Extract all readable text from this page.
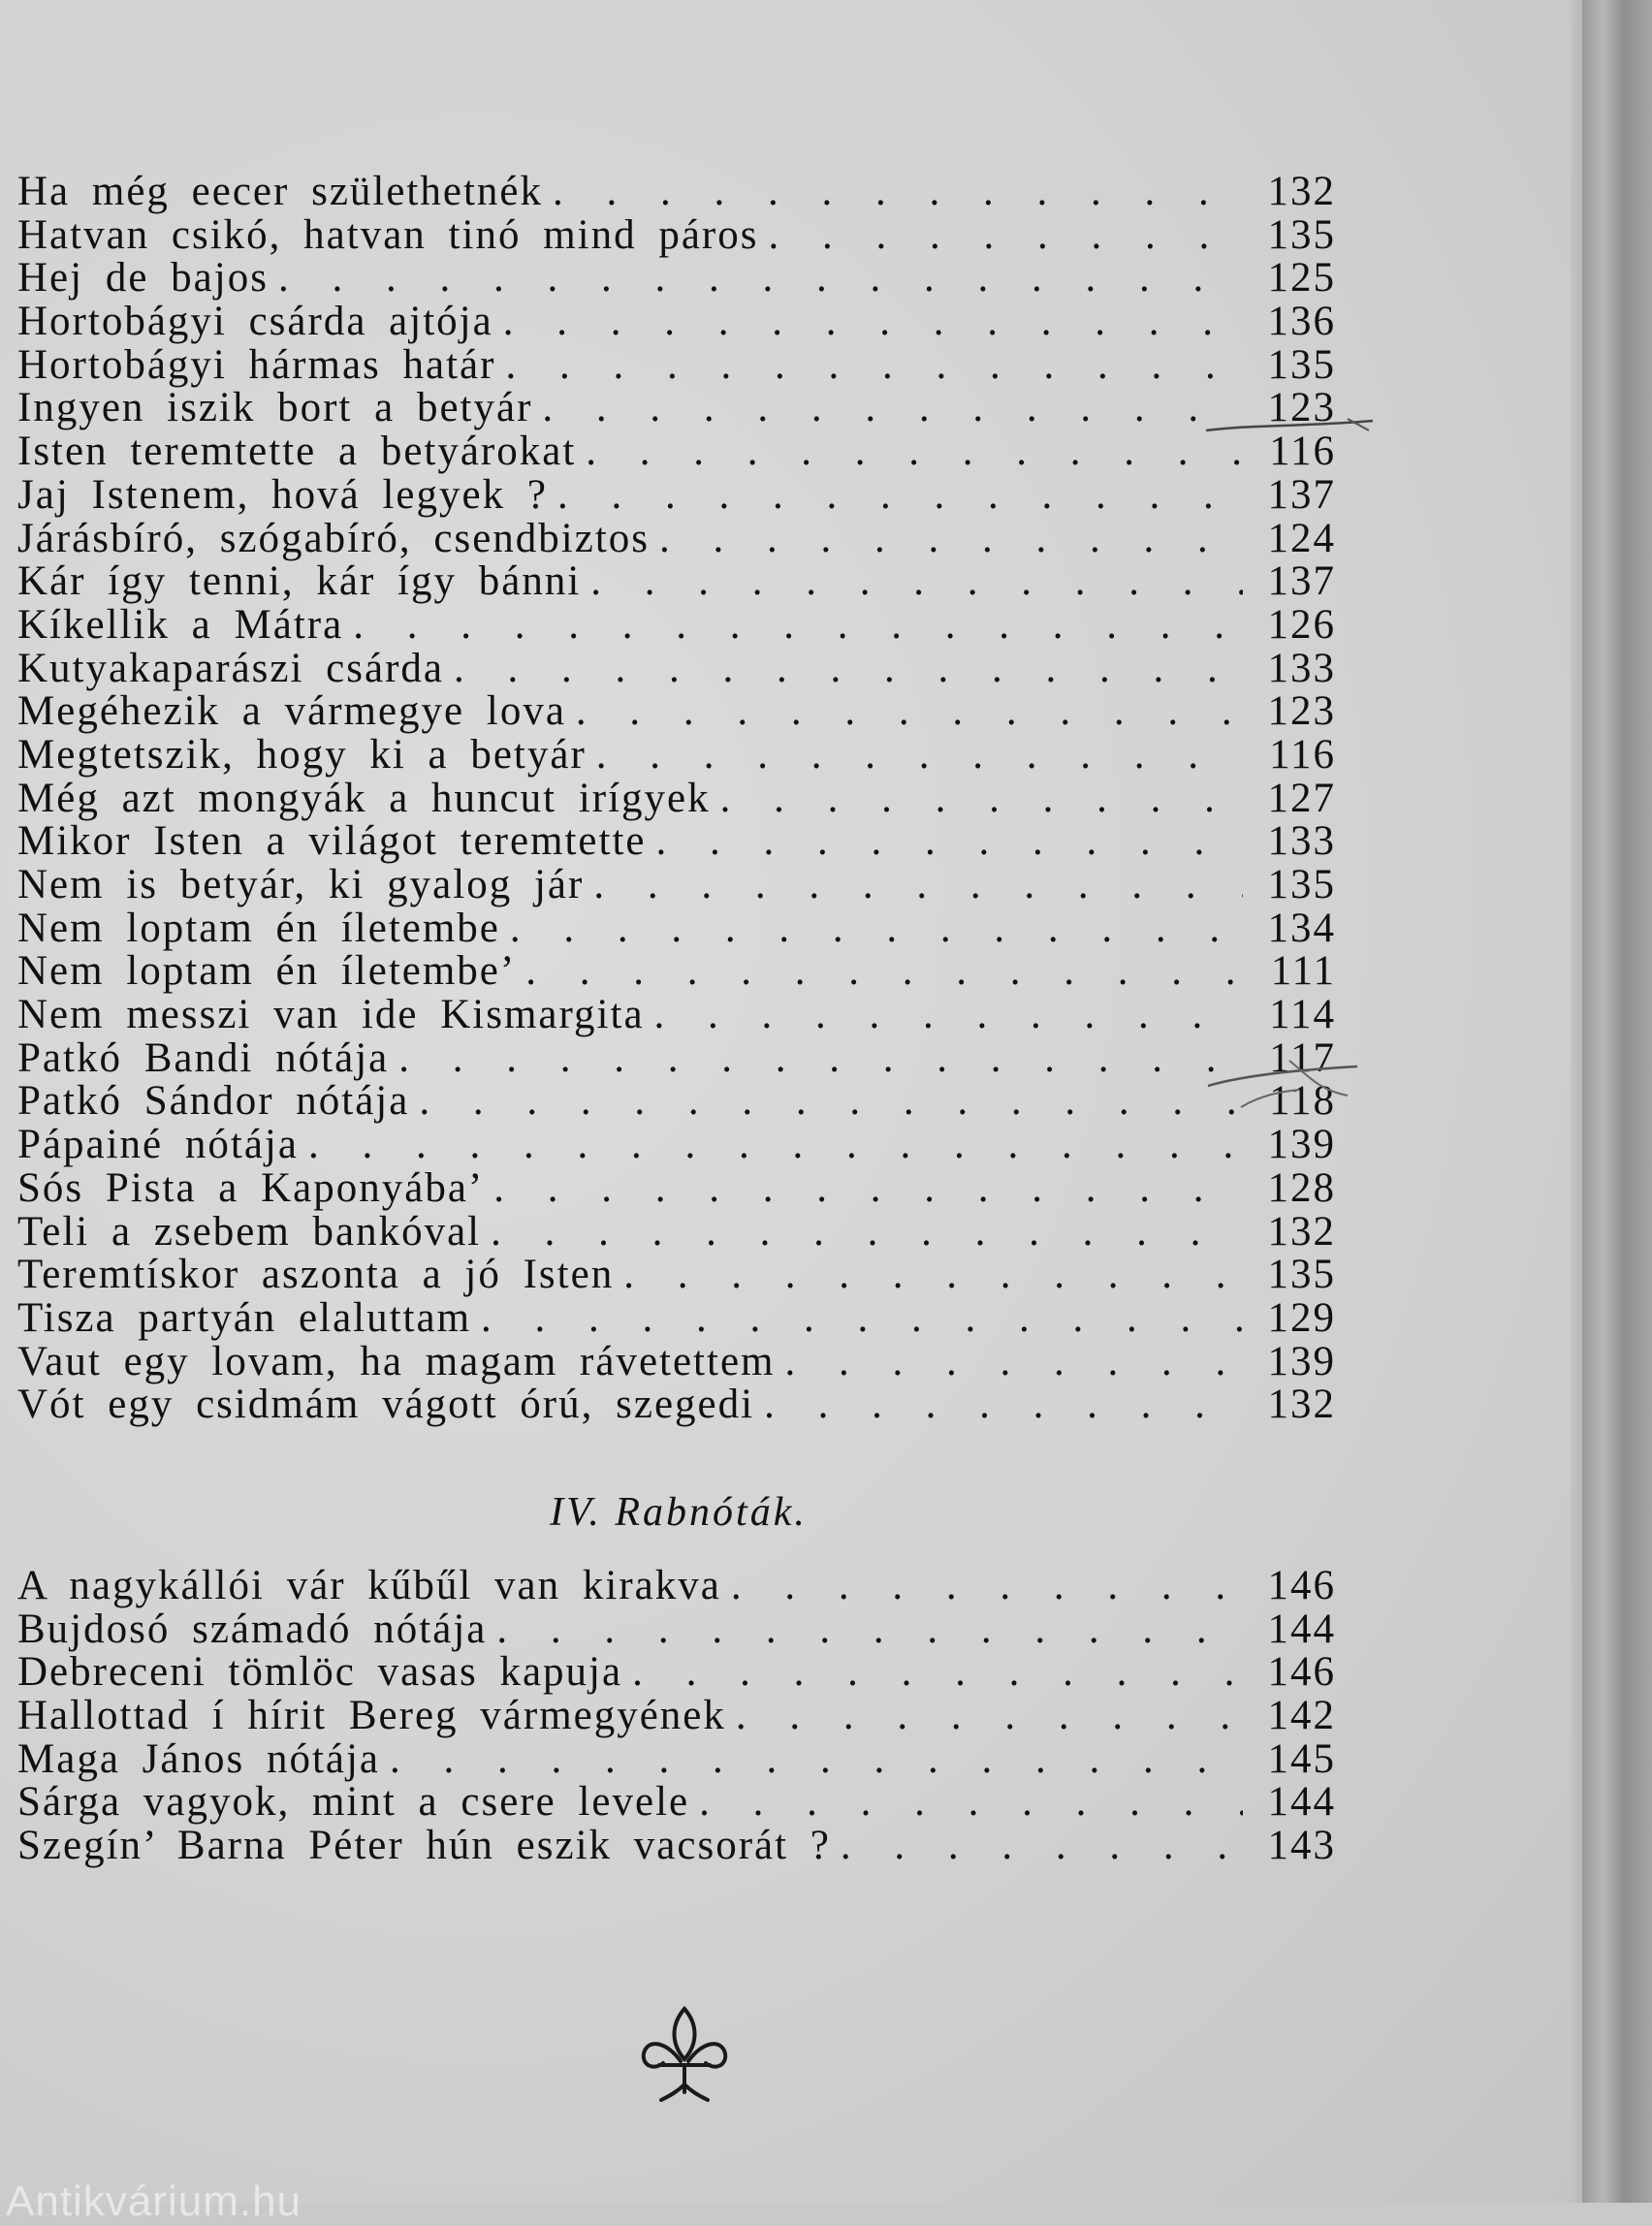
Ha még eecer születhetnék . . .	132
Hatvan csikó, hatvan tinó mind páros . . .	135
Hej de bajos . . .	125
Hortobágyi csárda ajtója . . .	136
Hortobágyi hármas határ . . .	135
Ingyen iszik bort a betyár . . .	123
Isten teremtette a betyárokat . . .	116
Jaj Istenem, hová legyek ? . . .	137
Járásbíró, szógabíró, csendbiztos . . .	124
Kár így tenni, kár így bánni . . .	137
Kíkellik a Mátra . . .	126
Kutyakaparászi csárda . . .	133
Megéhezik a vármegye lova . . .	123
Megtetszik, hogy ki a betyár . . .	116
Még azt mongyák a huncut irígyek . . .	127
Mikor Isten a világot teremtette . . .	133
Nem is betyár, ki gyalog jár . . .	135
Nem loptam én íletembe . . .	134
Nem loptam én íletembe’ . . .	111
Nem messzi van ide Kismargita . . .	114
Patkó Bandi nótája . . .	117
Patkó Sándor nótája . . .	118
Pápainé nótája . . .	139
Sós Pista a Kaponyába’ . . .	128
Teli a zsebem bankóval . . .	132
Teremtískor aszonta a jó Isten . . .	135
Tisza partyán elaluttam . . .	129
Vaut egy lovam, ha magam rávetettem . . .	139
Vót egy csidmám vágott órú, szegedi . . .	132
IV. Rabnóták.
A nagykállói vár kűbűl van kirakva . . .	146
Bujdosó számadó nótája . . .	144
Debreceni tömlöc vasas kapuja . . .	146
Hallottad í hírit Bereg vármegyének . . .	142
Maga János nótája . . .	145
Sárga vagyok, mint a csere levele . . .	144
Szegín’ Barna Péter hún eszik vacsorát ? . . .	143
Antikvárium.hu
